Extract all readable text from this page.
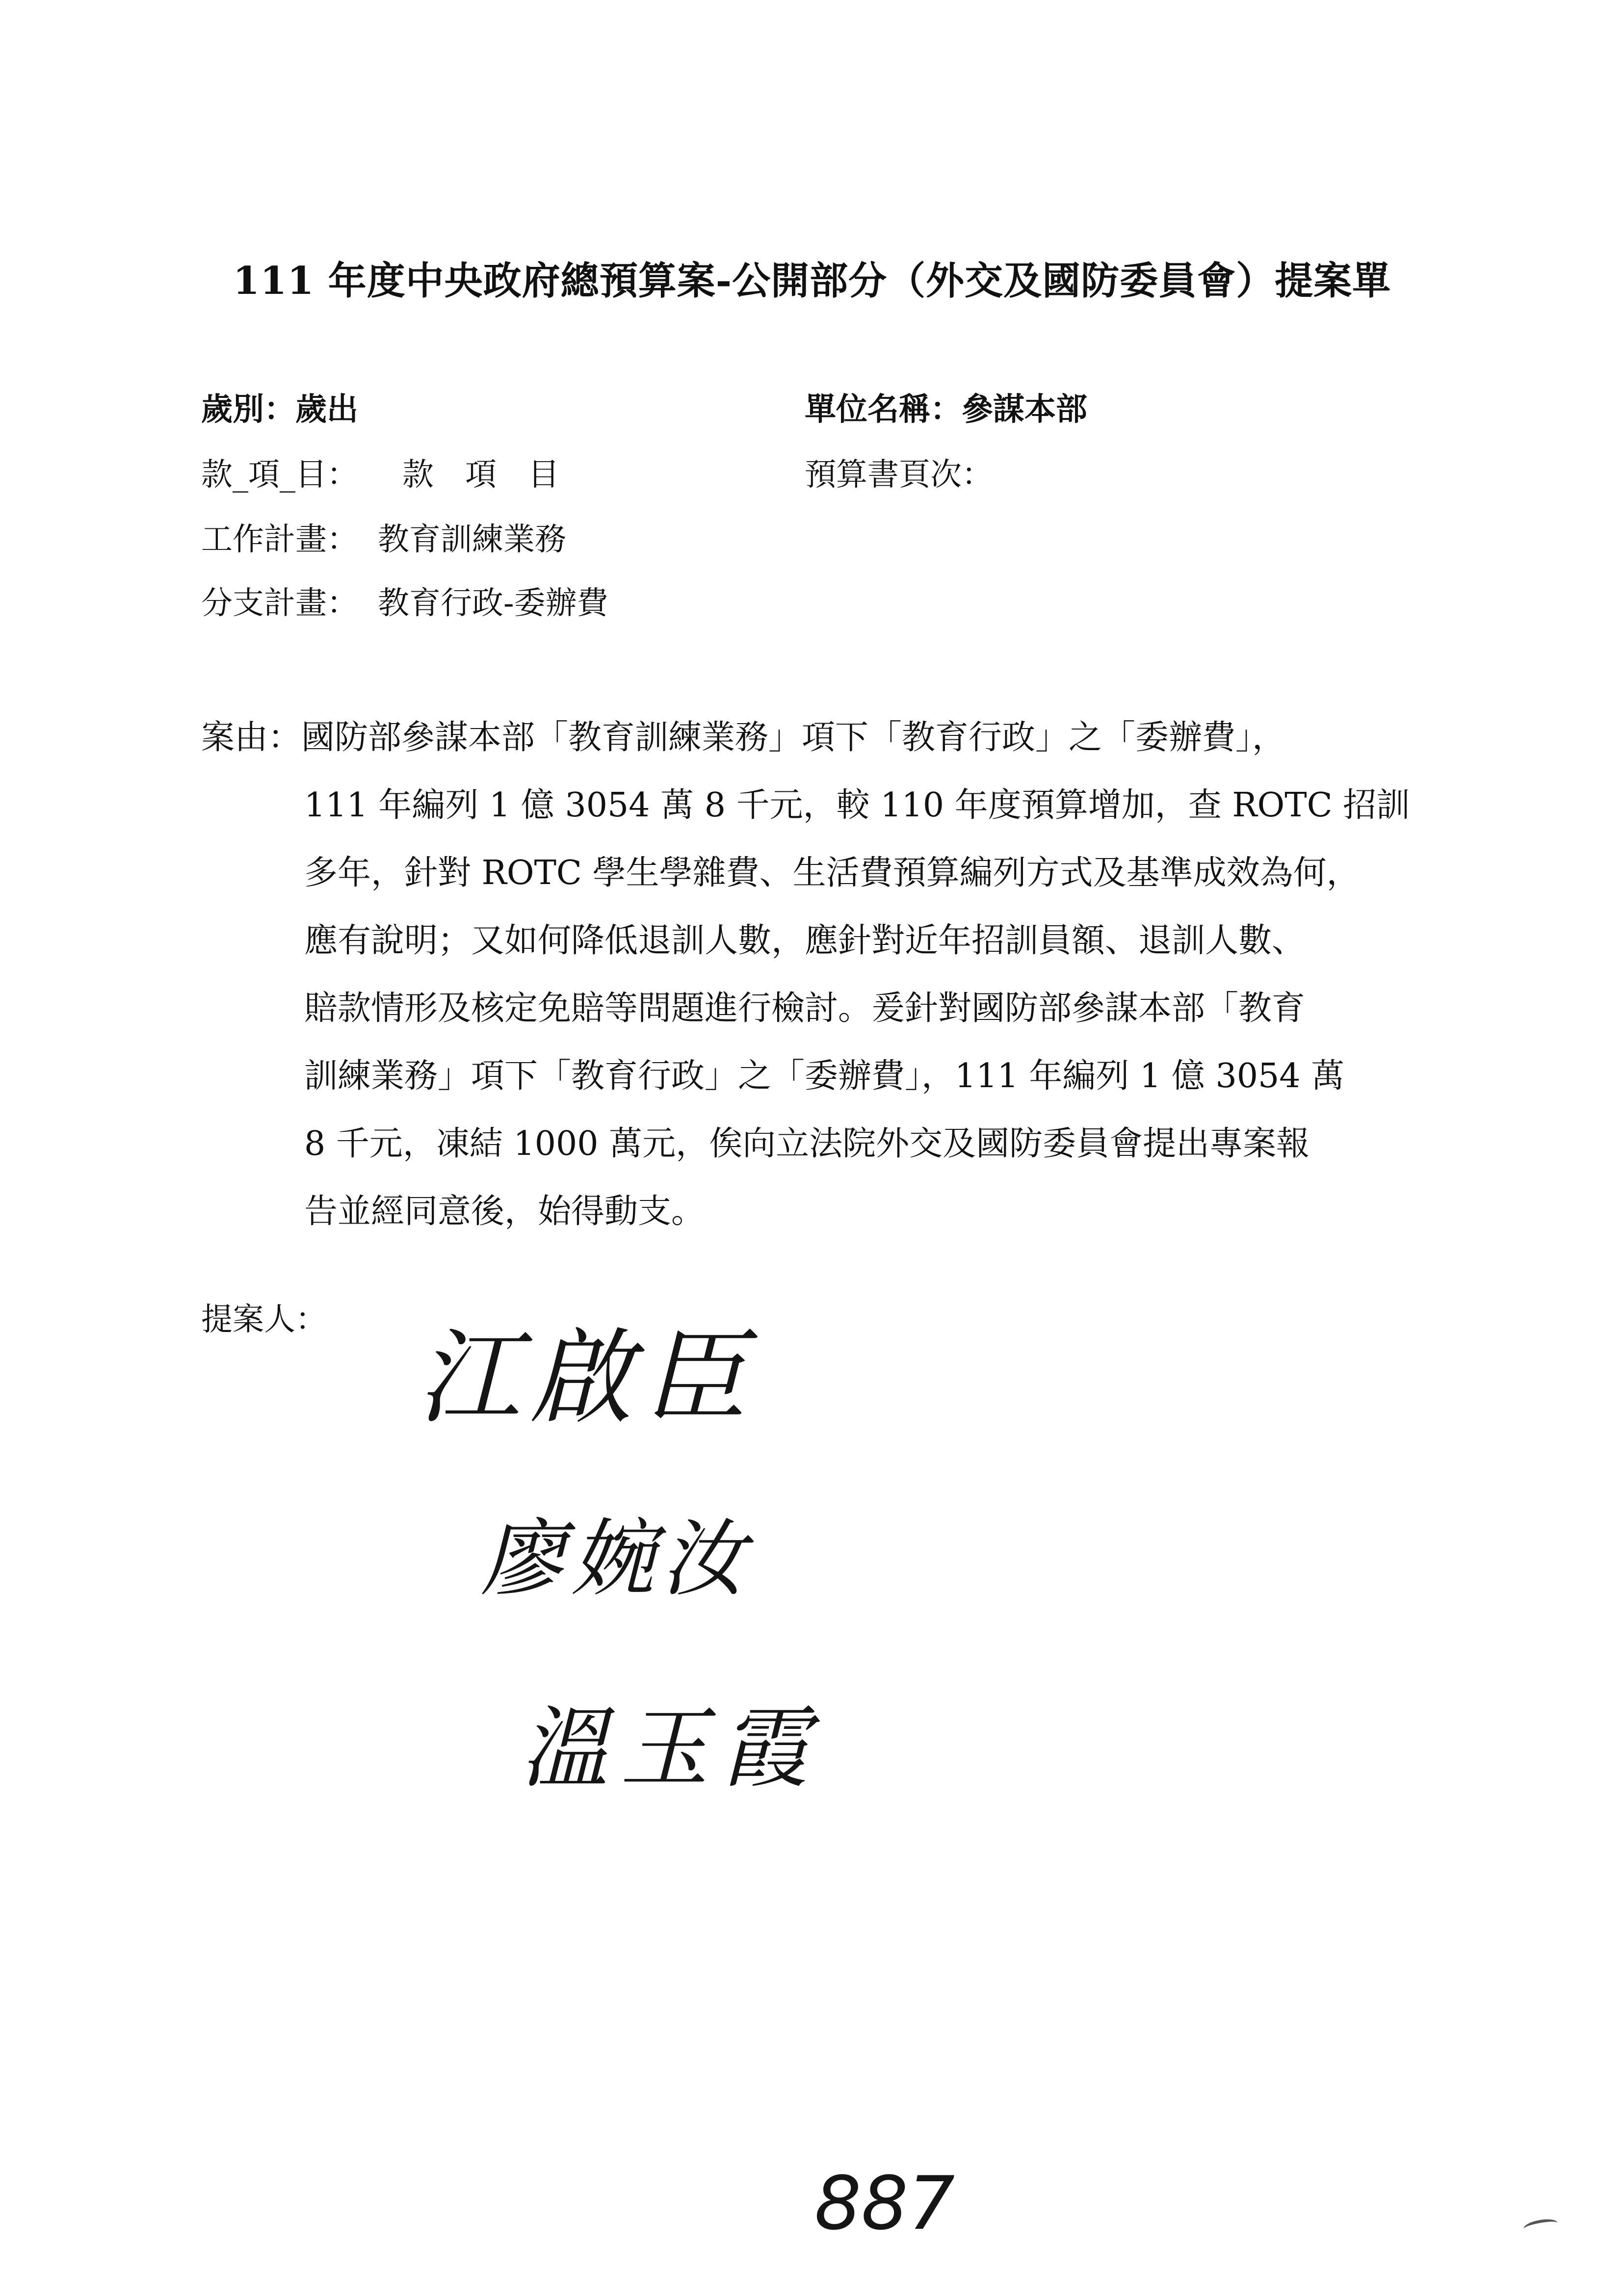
111 年度中央政府總預算案-公開部分（外交及國防委員會）提案單
歲別：歲出	單位名稱：參謀本部
款_項_目： 款　項　目	預算書頁次：
工作計畫： 教育訓練業務
分支計畫： 教育行政-委辦費
案由：國防部參謀本部「教育訓練業務」項下「教育行政」之「委辦費」，
111 年編列 1 億 3054 萬 8 千元，較 110 年度預算增加，查 ROTC 招訓
多年，針對 ROTC 學生學雜費、生活費預算編列方式及基準成效為何，
應有說明；又如何降低退訓人數，應針對近年招訓員額、退訓人數、
賠款情形及核定免賠等問題進行檢討。爰針對國防部參謀本部「教育
訓練業務」項下「教育行政」之「委辦費」，111 年編列 1 億 3054 萬
8 千元，凍結 1000 萬元，俟向立法院外交及國防委員會提出專案報
告並經同意後，始得動支。
提案人： 江啟臣
廖婉汝
溫玉霞
887
